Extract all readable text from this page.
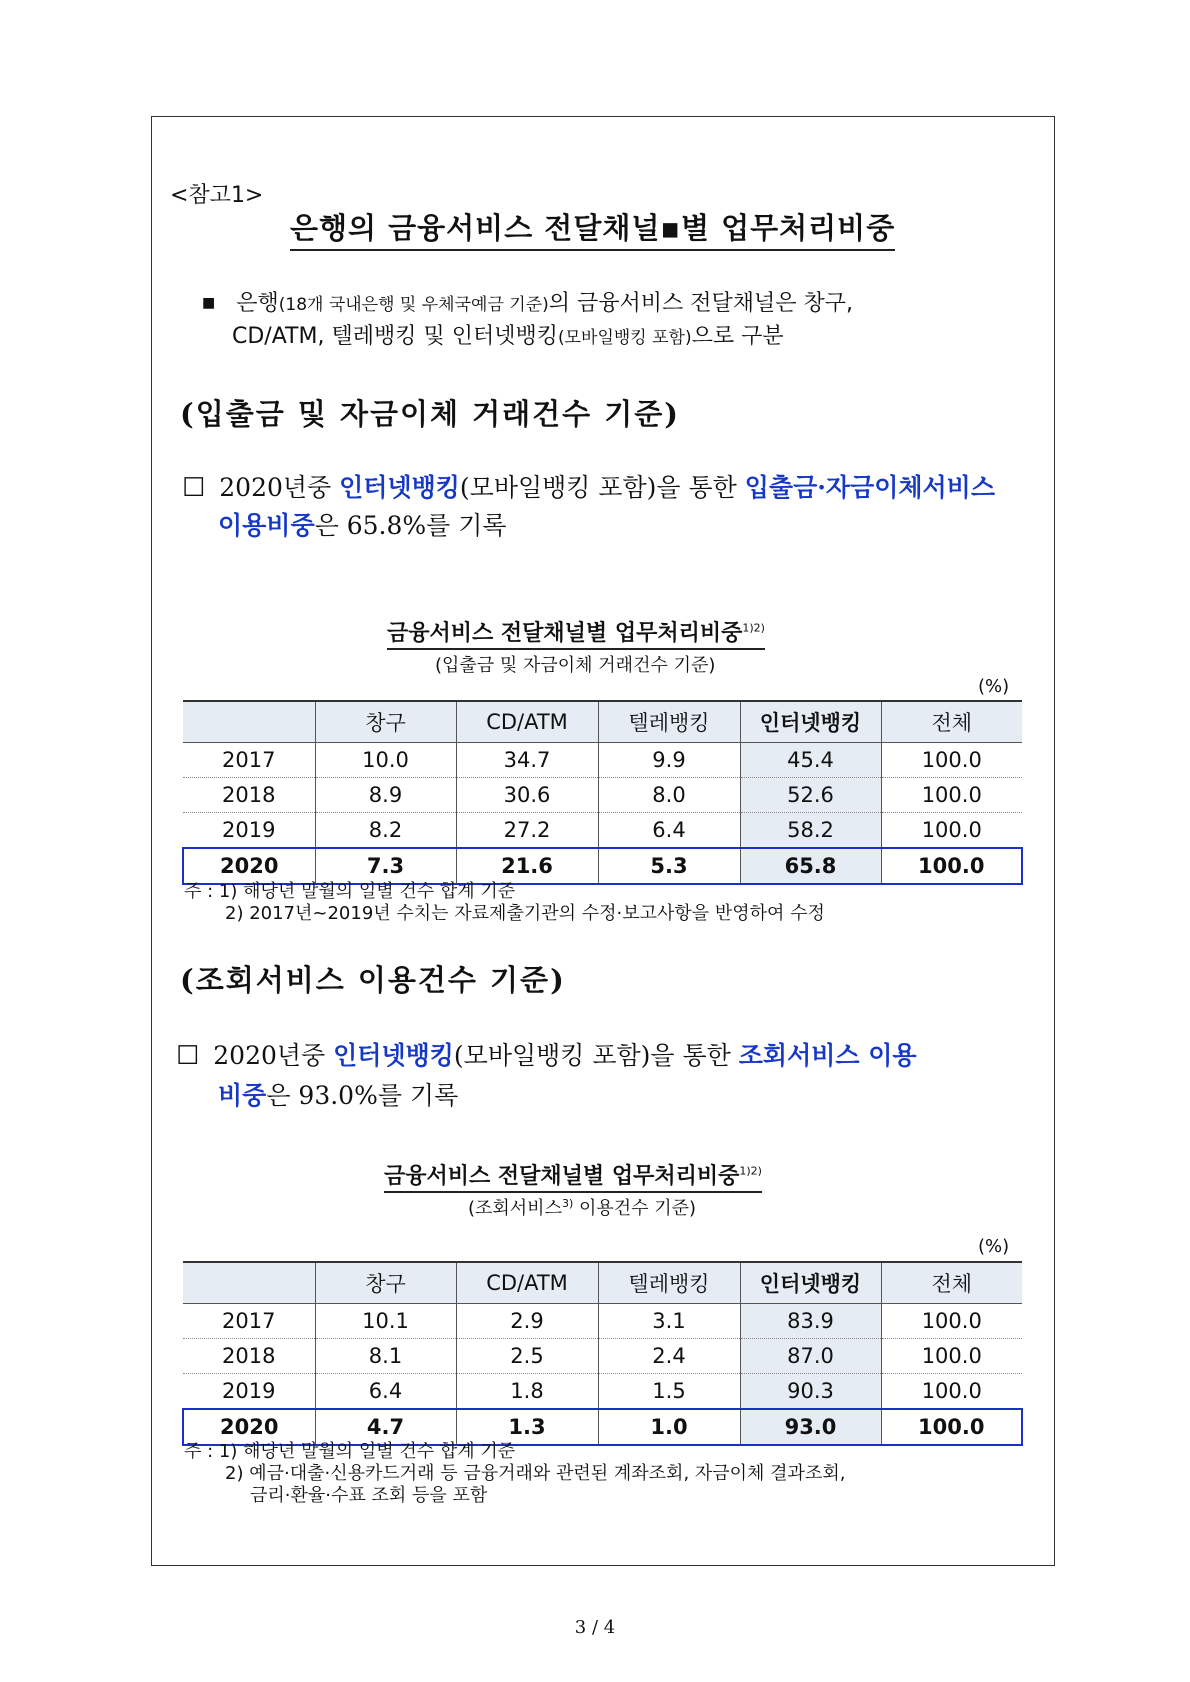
<참고1>
은행의 금융서비스 전달채널▪별 업무처리비중
■ 은행(18개 국내은행 및 우체국예금 기준)의 금융서비스 전달채널은 창구,
CD/ATM, 텔레뱅킹 및 인터넷뱅킹(모바일뱅킹 포함)으로 구분
(입출금 및 자금이체 거래건수 기준)
☐ 2020년중 인터넷뱅킹(모바일뱅킹 포함)을 통한 입출금·자금이체서비스
이용비중은 65.8%를 기록
금융서비스 전달채널별 업무처리비중$^{1)2)}$
(입출금 및 자금이체 거래건수 기준)
(%)
	창구	CD/ATM	텔레뱅킹	인터넷뱅킹	전체
2017	10.0	34.7	9.9	45.4	100.0
2018	8.9	30.6	8.0	52.6	100.0
2019	8.2	27.2	6.4	58.2	100.0
2020	7.3	21.6	5.3	65.8	100.0
주 : 1) 해당년 말월의 일별 건수 합계 기준
2) 2017년~2019년 수치는 자료제출기관의 수정·보고사항을 반영하여 수정
(조회서비스 이용건수 기준)
☐ 2020년중 인터넷뱅킹(모바일뱅킹 포함)을 통한 조회서비스 이용
비중은 93.0%를 기록
금융서비스 전달채널별 업무처리비중$^{1)2)}$
(조회서비스$^{3)}$ 이용건수 기준)
(%)
	창구	CD/ATM	텔레뱅킹	인터넷뱅킹	전체
2017	10.1	2.9	3.1	83.9	100.0
2018	8.1	2.5	2.4	87.0	100.0
2019	6.4	1.8	1.5	90.3	100.0
2020	4.7	1.3	1.0	93.0	100.0
주 : 1) 해당년 말월의 일별 건수 합계 기준
2) 예금·대출·신용카드거래 등 금융거래와 관련된 계좌조회, 자금이체 결과조회,
금리·환율·수표 조회 등을 포함
3 / 4
